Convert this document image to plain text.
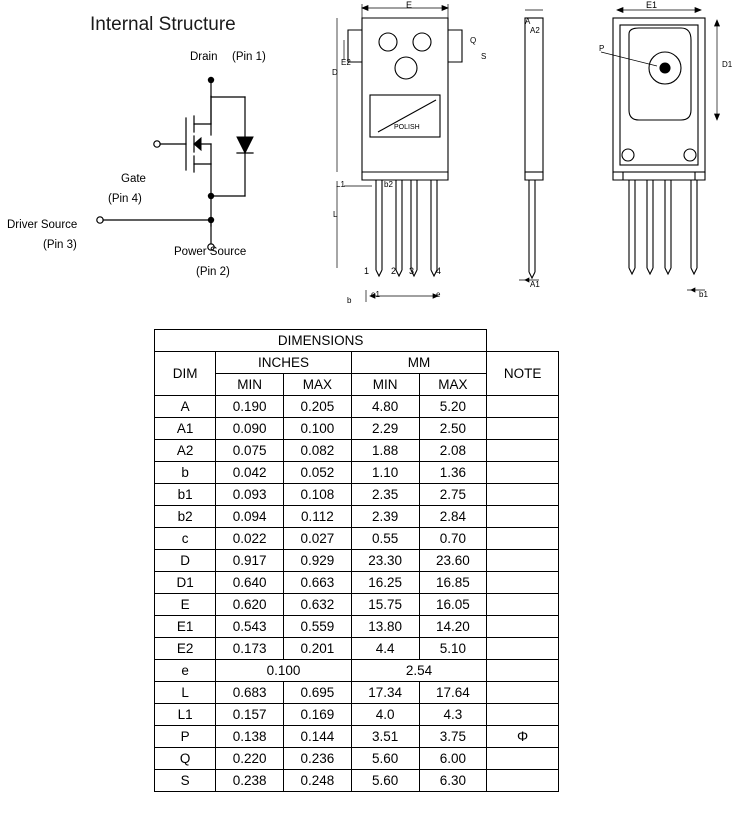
Internal Structure
Drain (Pin 1)
Gate
(Pin 4)
Driver Source
(Pin 3)
Power Source
(Pin 2)
E
E2
D
L1	b2
L
POLISH
1 2 3 4
e1	e
b
Q
S
A
A2
A1
E1
D1
P
b1
DIMENSIONS					
DIM	INCHES		MM		NOTE
	MIN	MAX	MIN	MAX	
A	0.190	0.205	4.80	5.20	
A1	0.090	0.100	2.29	2.50	
A2	0.075	0.082	1.88	2.08	
b	0.042	0.052	1.10	1.36	
b1	0.093	0.108	2.35	2.75	
b2	0.094	0.112	2.39	2.84	
c	0.022	0.027	0.55	0.70	
D	0.917	0.929	23.30	23.60	
D1	0.640	0.663	16.25	16.85	
E	0.620	0.632	15.75	16.05	
E1	0.543	0.559	13.80	14.20	
E2	0.173	0.201	4.4	5.10	
e	0.100		2.54		
L	0.683	0.695	17.34	17.64	
L1	0.157	0.169	4.0	4.3	
P	0.138	0.144	3.51	3.75	Φ
Q	0.220	0.236	5.60	6.00	
S	0.238	0.248	5.60	6.30	
